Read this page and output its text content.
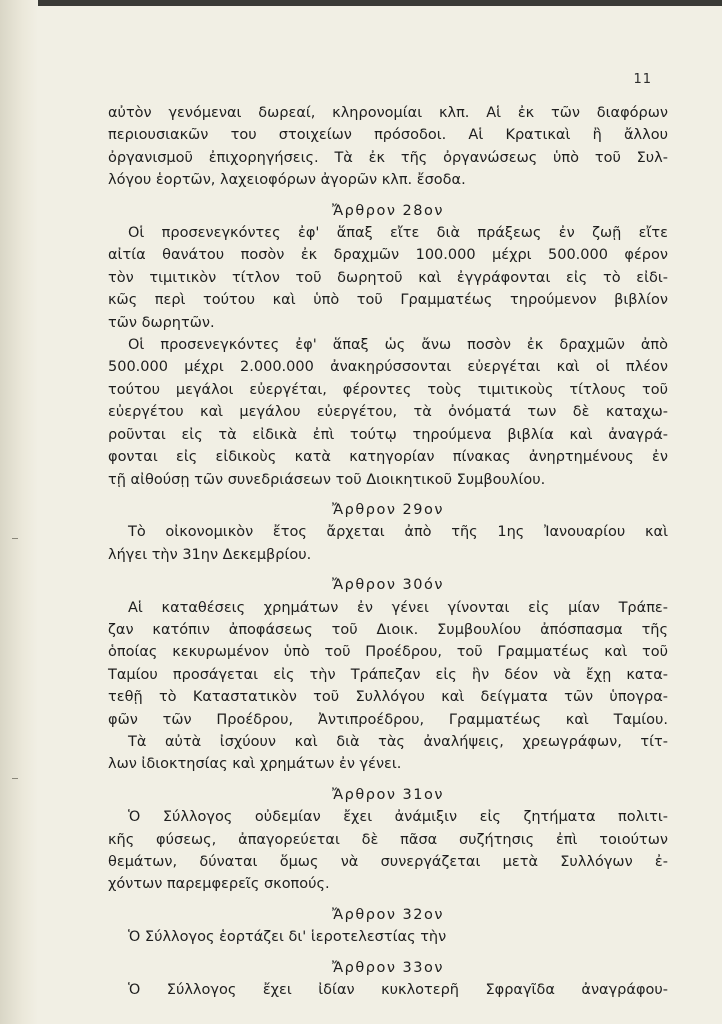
11
αὐτὸν γενόμεναι δωρεαί, κληρονομίαι κλπ. Αἱ ἐκ τῶν διαφόρων
περιουσιακῶν του στοιχείων πρόσοδοι. Αἱ Κρατικαὶ ἢ ἄλλου
ὀργανισμοῦ ἐπιχορηγήσεις. Τὰ ἐκ τῆς ὀργανώσεως ὑπὸ τοῦ Συλ-
λόγου ἑορτῶν, λαχειοφόρων ἀγορῶν κλπ. ἔσοδα.
Ἄρθρον 28ον
Οἱ προσενεγκόντες ἐφ' ἅπαξ εἴτε διὰ πράξεως ἐν ζωῇ εἴτε
αἰτία θανάτου ποσὸν ἐκ δραχμῶν 100.000 μέχρι 500.000 φέρον
τὸν τιμιτικὸν τίτλον τοῦ δωρητοῦ καὶ ἐγγράφονται εἰς τὸ εἰδι-
κῶς περὶ τούτου καὶ ὑπὸ τοῦ Γραμματέως τηρούμενον βιβλίον
τῶν δωρητῶν.
Οἱ προσενεγκόντες ἐφ' ἅπαξ ὡς ἄνω ποσὸν ἐκ δραχμῶν ἀπὸ
500.000 μέχρι 2.000.000 ἀνακηρύσσονται εὐεργέται καὶ οἱ πλέον
τούτου μεγάλοι εὐεργέται, φέροντες τοὺς τιμιτικοὺς τίτλους τοῦ
εὐεργέτου καὶ μεγάλου εὐεργέτου, τὰ ὀνόματά των δὲ καταχω-
ροῦνται εἰς τὰ εἰδικὰ ἐπὶ τούτῳ τηρούμενα βιβλία καὶ ἀναγρά-
φονται εἰς εἰδικοὺς κατὰ κατηγορίαν πίνακας ἀνηρτημένους ἐν
τῇ αἰθούσῃ τῶν συνεδριάσεων τοῦ Διοικητικοῦ Συμβουλίου.
Ἄρθρον 29ον
Τὸ οἰκονομικὸν ἔτος ἄρχεται ἀπὸ τῆς 1ης Ἰανουαρίου καὶ
λήγει τὴν 31ην Δεκεμβρίου.
Ἄρθρον 30όν
Αἱ καταθέσεις χρημάτων ἐν γένει γίνονται εἰς μίαν Τράπε-
ζαν κατόπιν ἀποφάσεως τοῦ Διοικ. Συμβουλίου ἀπόσπασμα τῆς
ὁποίας κεκυρωμένον ὑπὸ τοῦ Προέδρου, τοῦ Γραμματέως καὶ τοῦ
Ταμίου προσάγεται εἰς τὴν Τράπεζαν εἰς ἣν δέον νὰ ἔχῃ κατα-
τεθῇ τὸ Καταστατικὸν τοῦ Συλλόγου καὶ δείγματα τῶν ὑπογρα-
φῶν τῶν Προέδρου, Ἀντιπροέδρου, Γραμματέως καὶ Ταμίου.
Τὰ αὐτὰ ἰσχύουν καὶ διὰ τὰς ἀναλήψεις, χρεωγράφων, τίτ-
λων ἰδιοκτησίας καὶ χρημάτων ἐν γένει.
Ἄρθρον 31ον
Ὁ Σύλλογος οὐδεμίαν ἔχει ἀνάμιξιν εἰς ζητήματα πολιτι-
κῆς φύσεως, ἀπαγορεύεται δὲ πᾶσα συζήτησις ἐπὶ τοιούτων
θεμάτων, δύναται ὅμως νὰ συνεργάζεται μετὰ Συλλόγων ἐ-
χόντων παρεμφερεῖς σκοπούς.
Ἄρθρον 32ον
Ὁ Σύλλογος ἑορτάζει δι' ἱεροτελεστίας τὴν
Ἄρθρον 33ον
Ὁ Σύλλογος ἔχει ἰδίαν κυκλοτερῆ Σφραγῖδα ἀναγράφου-
